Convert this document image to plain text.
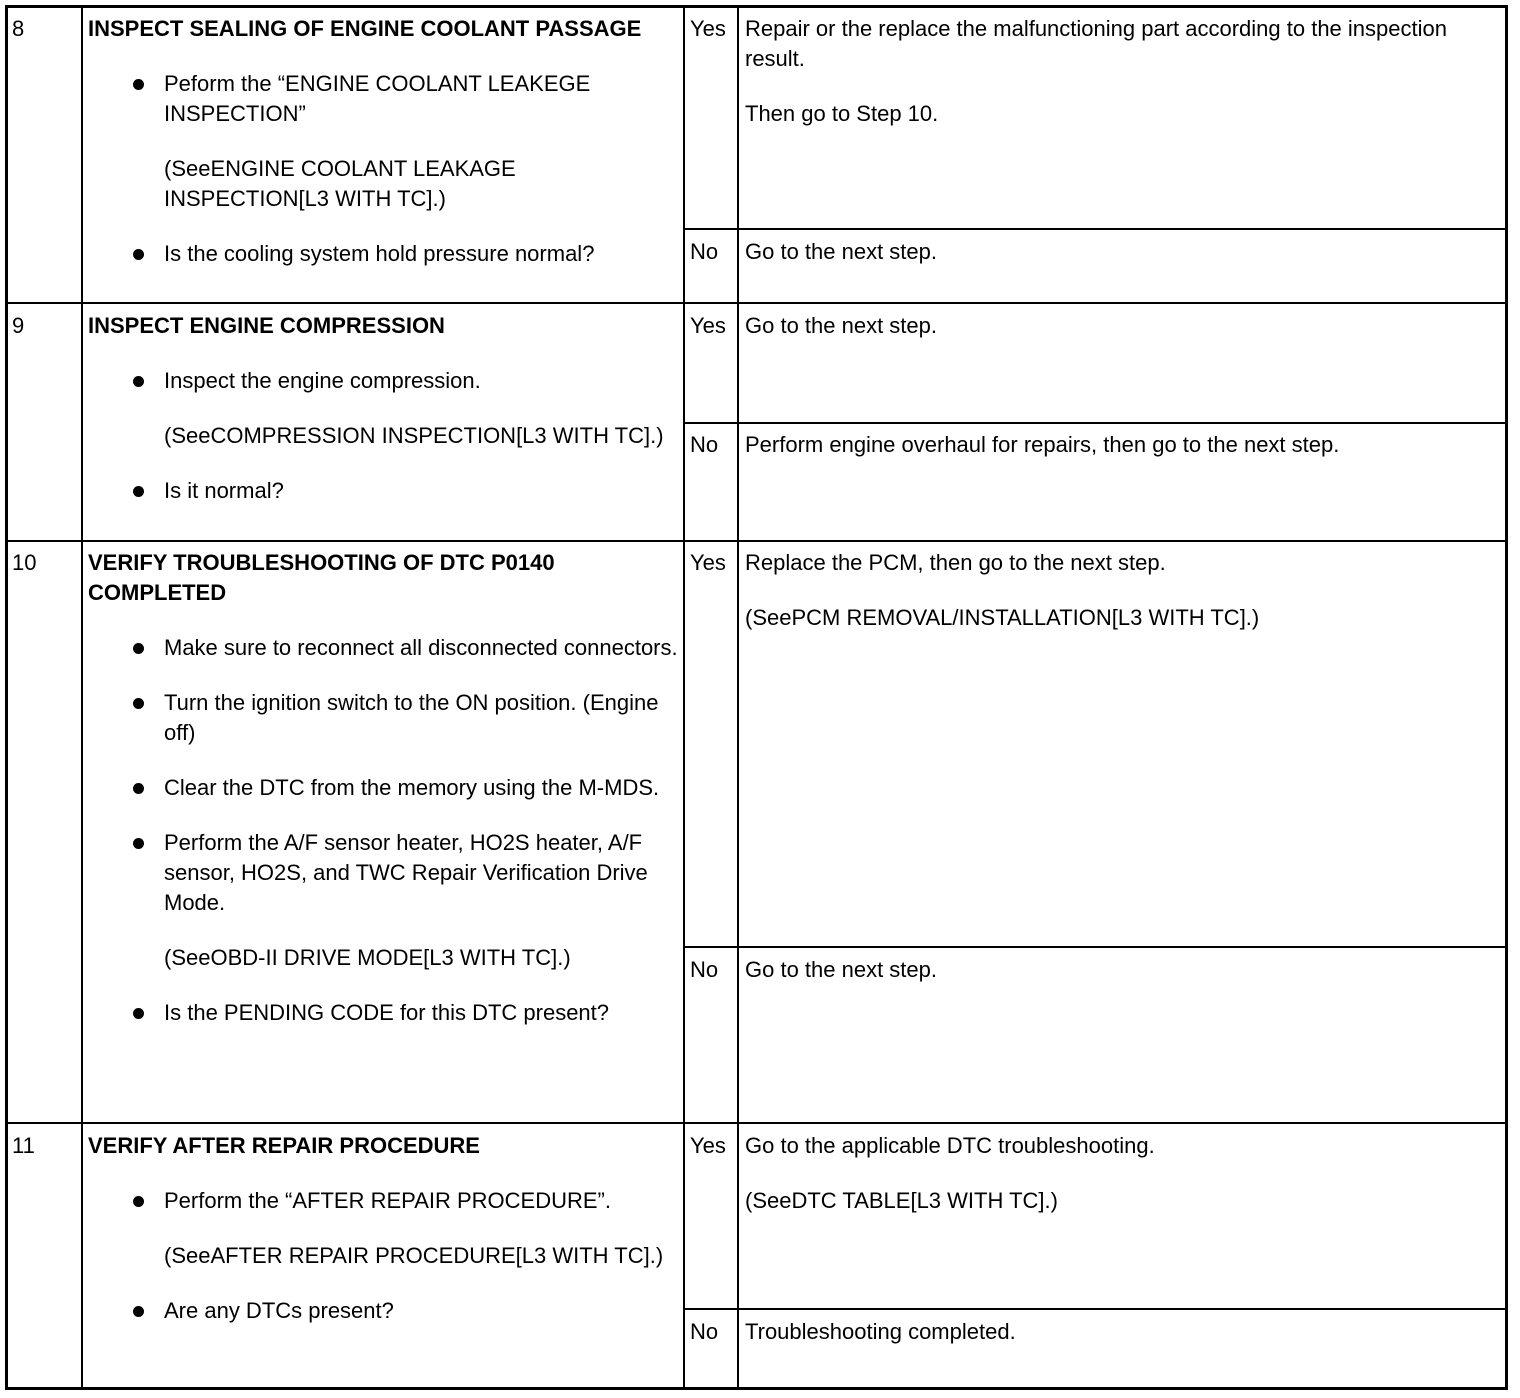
8	INSPECT SEALING OF ENGINE COOLANT PASSAGE
Peform the “ENGINE COOLANT LEAKEGE INSPECTION”
(SeeENGINE COOLANT LEAKAGE INSPECTION[L3 WITH TC].)
Is the cooling system hold pressure normal?
Yes Repair or the replace the malfunctioning part according to the inspection result.

Then go to Step 10.

No Go to the next step.

9	INSPECT ENGINE COMPRESSION
Inspect the engine compression.
(SeeCOMPRESSION INSPECTION[L3 WITH TC].)
Is it normal?
Yes Go to the next step.

No Perform engine overhaul for repairs, then go to the next step.

10 VERIFY TROUBLESHOOTING OF DTC P0140 COMPLETED
Make sure to reconnect all disconnected connectors.
Turn the ignition switch to the ON position. (Engine off)
Clear the DTC from the memory using the M-MDS.
Perform the A/F sensor heater, HO2S heater, A/F sensor, HO2S, and TWC Repair Verification Drive Mode.
(SeeOBD-II DRIVE MODE[L3 WITH TC].)
Is the PENDING CODE for this DTC present?
Yes Replace the PCM, then go to the next step.

(SeePCM REMOVAL/INSTALLATION[L3 WITH TC].)

No Go to the next step.

11 VERIFY AFTER REPAIR PROCEDURE
Perform the “AFTER REPAIR PROCEDURE”.
(SeeAFTER REPAIR PROCEDURE[L3 WITH TC].)
Are any DTCs present?
Yes Go to the applicable DTC troubleshooting.

(SeeDTC TABLE[L3 WITH TC].)

No Troubleshooting completed.
